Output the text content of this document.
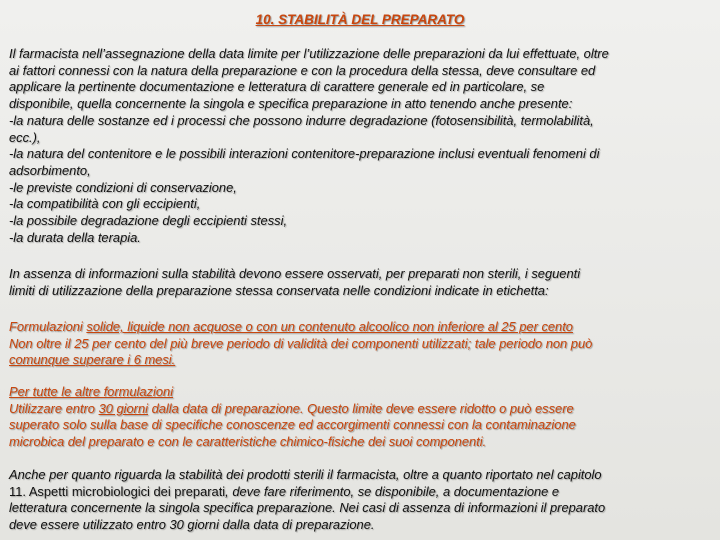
10. STABILITÀ DEL PREPARATO

Il farmacista nell’assegnazione della data limite per l’utilizzazione delle preparazioni da lui effettuate, oltre
ai fattori connessi con la natura della preparazione e con la procedura della stessa, deve consultare ed
applicare la pertinente documentazione e letteratura di carattere generale ed in particolare, se
disponibile, quella concernente la singola e specifica preparazione in atto tenendo anche presente:
-la natura delle sostanze ed i processi che possono indurre degradazione (fotosensibilità, termolabilità,
ecc.),
-la natura del contenitore e le possibili interazioni contenitore-preparazione inclusi eventuali fenomeni di
adsorbimento,
-le previste condizioni di conservazione,
-la compatibilità con gli eccipienti,
-la possibile degradazione degli eccipienti stessi,
-la durata della terapia.

In assenza di informazioni sulla stabilità devono essere osservati, per preparati non sterili, i seguenti
limiti di utilizzazione della preparazione stessa conservata nelle condizioni indicate in etichetta:

Formulazioni solide, liquide non acquose o con un contenuto alcoolico non inferiore al 25 per cento
Non oltre il 25 per cento del più breve periodo di validità dei componenti utilizzati; tale periodo non può
comunque superare i 6 mesi.

Per tutte le altre formulazioni
Utilizzare entro 30 giorni dalla data di preparazione. Questo limite deve essere ridotto o può essere
superato solo sulla base di specifiche conoscenze ed accorgimenti connessi con la contaminazione
microbica del preparato e con le caratteristiche chimico-fisiche dei suoi componenti.

Anche per quanto riguarda la stabilità dei prodotti sterili il farmacista, oltre a quanto riportato nel capitolo
11. Aspetti microbiologici dei preparati, deve fare riferimento, se disponibile, a documentazione e
letteratura concernente la singola specifica preparazione. Nei casi di assenza di informazioni il preparato
deve essere utilizzato entro 30 giorni dalla data di preparazione.
